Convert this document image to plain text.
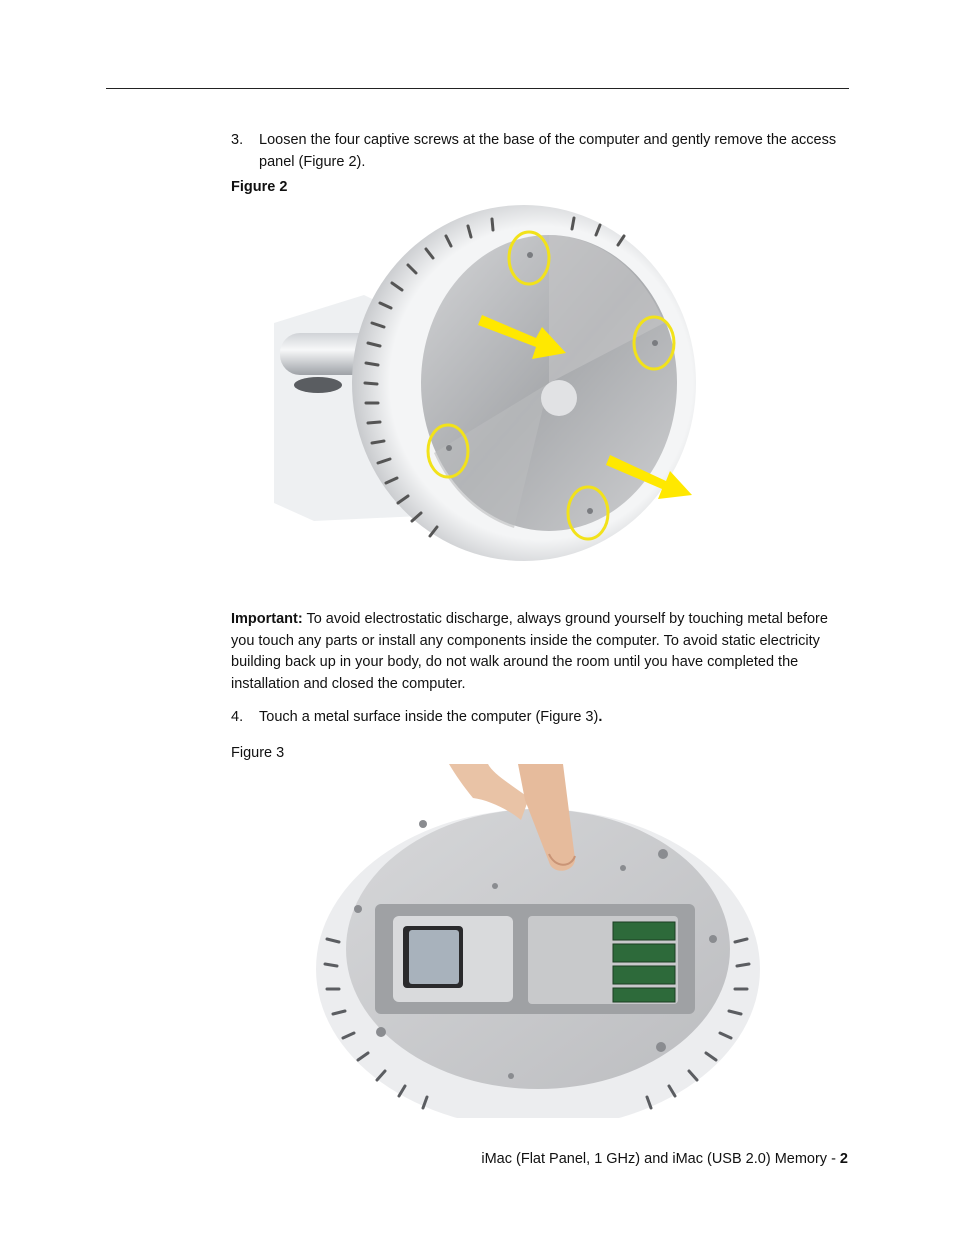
3.	Loosen the four captive screws at the base of the computer and gently remove the access panel (Figure 2).
Figure 2
Important: To avoid electrostatic discharge, always ground yourself by touching metal before you touch any parts or install any components inside the computer. To avoid static electricity building back up in your body, do not walk around the room until you have completed the installation and closed the computer.
4.	Touch a metal surface inside the computer (Figure 3).
Figure 3
iMac (Flat Panel, 1 GHz) and iMac (USB 2.0) Memory - 2
